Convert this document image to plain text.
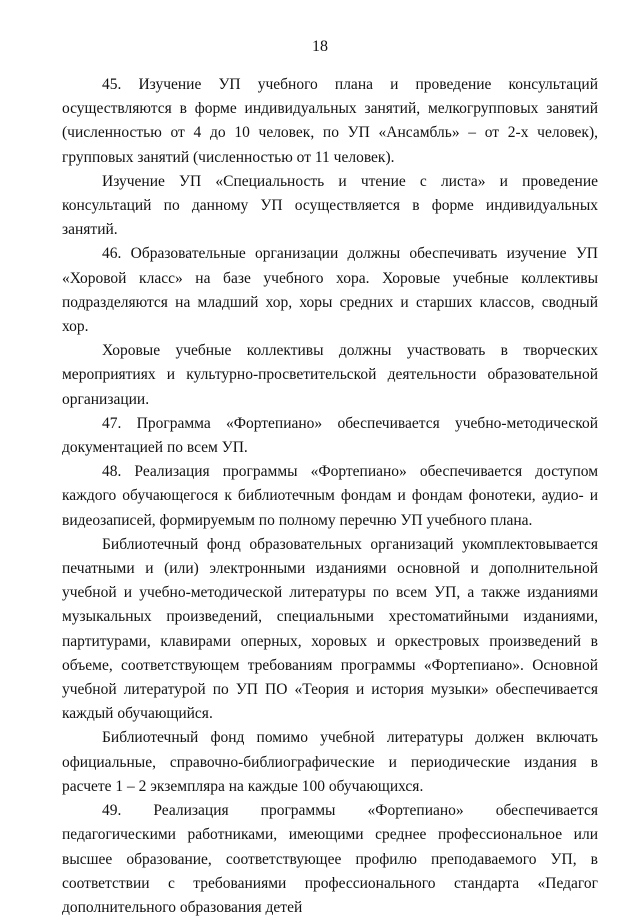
18

45. Изучение УП учебного плана и проведение консультаций осуществляются в форме индивидуальных занятий, мелкогрупповых занятий (численностью от 4 до 10 человек, по УП «Ансамбль» – от 2-х человек), групповых занятий (численностью от 11 человек).

Изучение УП «Специальность и чтение с листа» и проведение консультаций по данному УП осуществляется в форме индивидуальных занятий.

46. Образовательные организации должны обеспечивать изучение УП «Хоровой класс» на базе учебного хора. Хоровые учебные коллективы подразделяются на младший хор, хоры средних и старших классов, сводный хор.

Хоровые учебные коллективы должны участвовать в творческих мероприятиях и культурно-просветительской деятельности образовательной организации.

47. Программа «Фортепиано» обеспечивается учебно-методической документацией по всем УП.

48. Реализация программы «Фортепиано» обеспечивается доступом каждого обучающегося к библиотечным фондам и фондам фонотеки, аудио- и видеозаписей, формируемым по полному перечню УП учебного плана.

Библиотечный фонд образовательных организаций укомплектовывается печатными и (или) электронными изданиями основной и дополнительной учебной и учебно-методической литературы по всем УП, а также изданиями музыкальных произведений, специальными хрестоматийными изданиями, партитурами, клавирами оперных, хоровых и оркестровых произведений в объеме, соответствующем требованиям программы «Фортепиано». Основной учебной литературой по УП ПО «Теория и история музыки» обеспечивается каждый обучающийся.

Библиотечный фонд помимо учебной литературы должен включать официальные, справочно-библиографические и периодические издания в расчете 1 – 2 экземпляра на каждые 100 обучающихся.

49. Реализация программы «Фортепиано» обеспечивается педагогическими работниками, имеющими среднее профессиональное или высшее образование, соответствующее профилю преподаваемого УП, в соответствии с требованиями профессионального стандарта «Педагог дополнительного образования детей
